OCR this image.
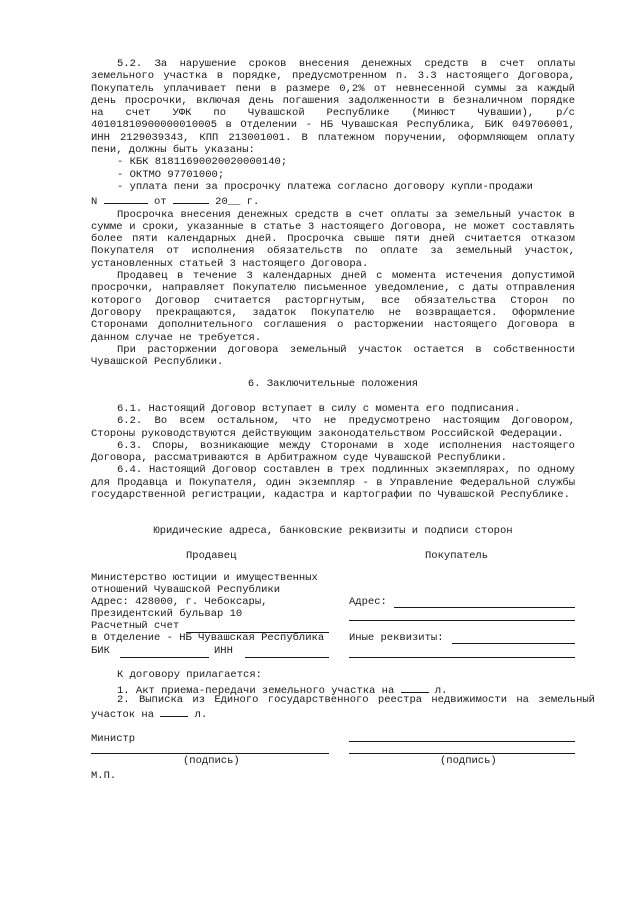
5.2. За нарушение сроков внесения денежных средств в счет оплаты земельного участка в порядке, предусмотренном п. 3.3 настоящего Договора, Покупатель уплачивает пени в размере 0,2% от невнесенной суммы за каждый день просрочки, включая день погашения задолженности в безналичном порядке на счет УФК по Чувашской Республике (Минюст Чувашии), р/с 40101810900000010005 в Отделении - НБ Чувашская Республика, БИК 049706001, ИНН 2129039343, КПП 213001001. В платежном поручении, оформляющем оплату пени, должны быть указаны:

- КБК 81811690020020000140;

- ОКТМО 97701000;

- уплата пени за просрочку платежа согласно договору купли-продажи

N	от	20__ г.

Просрочка внесения денежных средств в счет оплаты за земельный участок в сумме и сроки, указанные в статье 3 настоящего Договора, не может составлять более пяти календарных дней. Просрочка свыше пяти дней считается отказом Покупателя от исполнения обязательств по оплате за земельный участок, установленных статьей 3 настоящего Договора.

Продавец в течение 3 календарных дней с момента истечения допустимой просрочки, направляет Покупателю письменное уведомление, с даты отправления которого Договор считается расторгнутым, все обязательства Сторон по Договору прекращаются, задаток Покупателю не возвращается. Оформление Сторонами дополнительного соглашения о расторжении настоящего Договора в данном случае не требуется.

При расторжении договора земельный участок остается в собственности Чувашской Республики.

6. Заключительные положения

6.1. Настоящий Договор вступает в силу с момента его подписания.

6.2. Во всем остальном, что не предусмотрено настоящим Договором, Стороны руководствуются действующим законодательством Российской Федерации.

6.3. Споры, возникающие между Сторонами в ходе исполнения настоящего Договора, рассматриваются в Арбитражном суде Чувашской Республики.

6.4. Настоящий Договор составлен в трех подлинных экземплярах, по одному для Продавца и Покупателя, один экземпляр - в Управление Федеральной службы государственной регистрации, кадастра и картографии по Чувашской Республике.

Юридические адреса, банковские реквизиты и подписи сторон
Продавец	Покупатель
Министерство юстиции и имущественных
отношений Чувашской Республики
Адрес: 428000, г. Чебоксары,
Президентский бульвар 10
Расчетный счет
в Отделение - НБ Чувашская Республика
БИК	ИНН
Адрес:
Иные реквизиты:
К договору прилагается:
1. Акт приема-передачи земельного участка на	л.

2. Выписка из Единого государственного реестра недвижимости на земельный участок на	л.

Министр
(подпись)	(подпись)
М.П.
